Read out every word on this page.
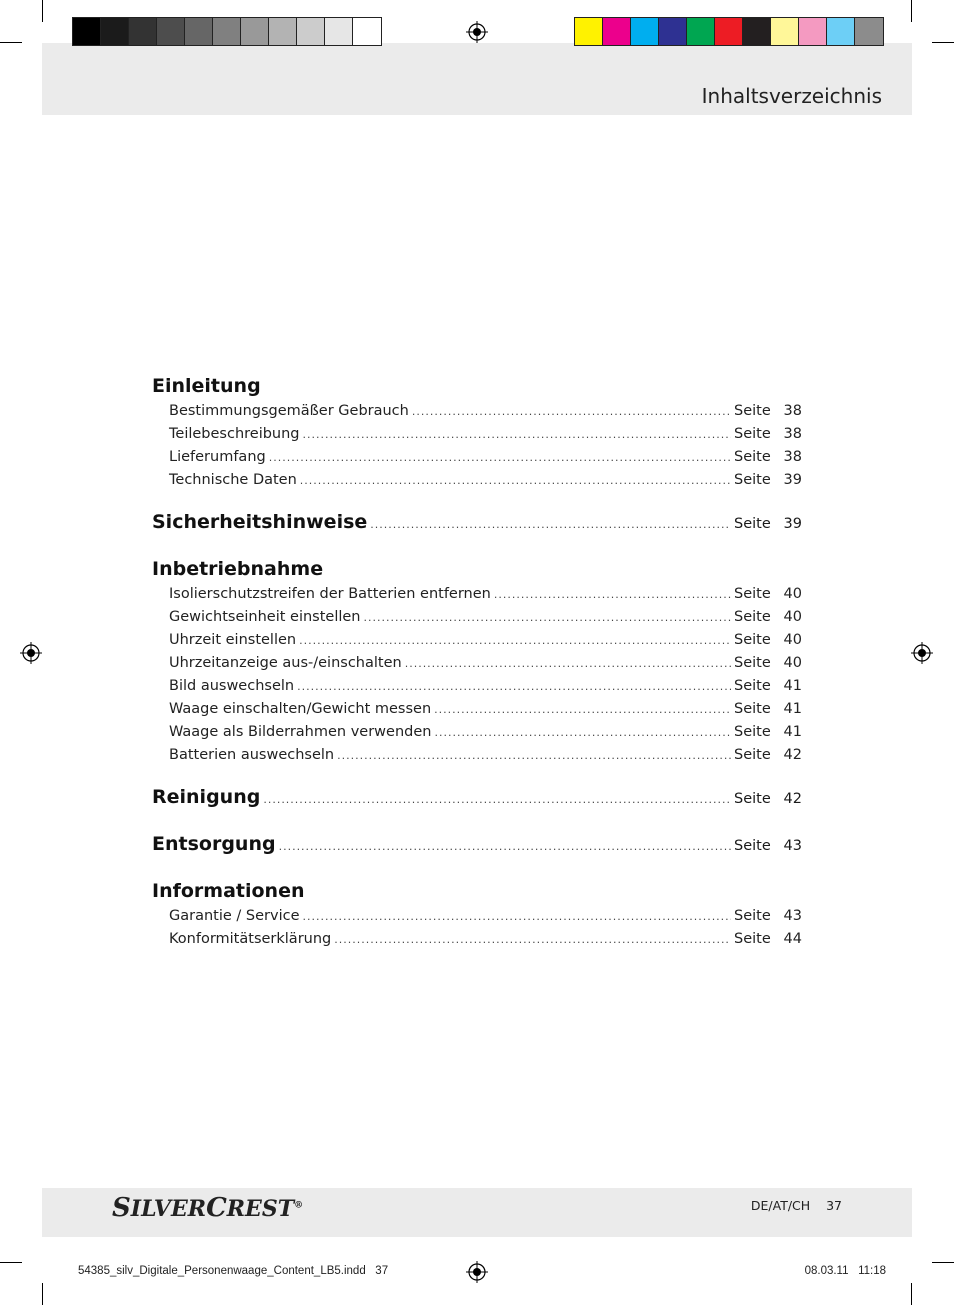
Inhaltsverzeichnis
Einleitung
Bestimmungsgemäßer Gebrauch .....	Seite 38
Teilebeschreibung .....	Seite 38
Lieferumfang .....	Seite 38
Technische Daten .....	Seite 39
Sicherheitshinweise .....	Seite 39
Inbetriebnahme
Isolierschutzstreifen der Batterien entfernen .....	Seite 40
Gewichtseinheit einstellen .....	Seite 40
Uhrzeit einstellen .....	Seite 40
Uhrzeitanzeige aus-/einschalten .....	Seite 40
Bild auswechseln .....	Seite 41
Waage einschalten/Gewicht messen .....	Seite 41
Waage als Bilderrahmen verwenden .....	Seite 41
Batterien auswechseln .....	Seite 42
Reinigung .....	Seite 42
Entsorgung .....	Seite 43
Informationen
Garantie / Service .....	Seite 43
Konformitätserklärung .....	Seite 44
SILVERCREST®	DE/AT/CH 37
54385_silv_Digitale_Personenwaage_Content_LB5.indd   37	08.03.11   11:18
